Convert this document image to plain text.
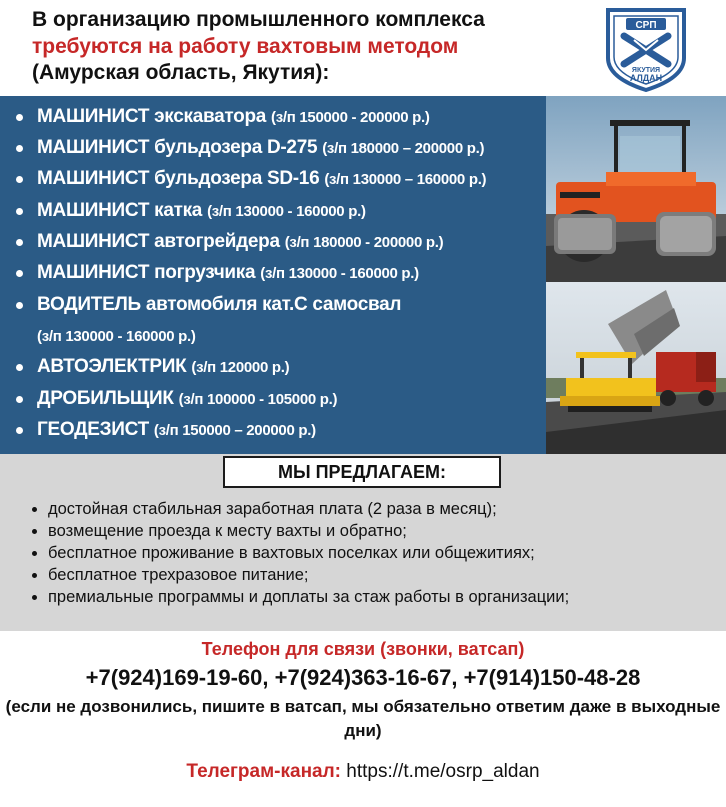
В организацию промышленного комплекса
требуются на работу вахтовым методом
(Амурская область, Якутия):
СРП
ЯКУТИЯ
АЛДАН
МАШИНИСТ экскаватора (з/п 150000 - 200000 р.)
МАШИНИСТ бульдозера D-275 (з/п 180000 – 200000 р.)
МАШИНИСТ бульдозера SD-16 (з/п 130000 – 160000 р.)
МАШИНИСТ катка (з/п 130000 - 160000 р.)
МАШИНИСТ автогрейдера (з/п 180000 - 200000 р.)
МАШИНИСТ погрузчика (з/п 130000 - 160000 р.)
ВОДИТЕЛЬ автомобиля кат.С самосвал
(з/п 130000 - 160000 р.)
АВТОЭЛЕКТРИК (з/п 120000 р.)
ДРОБИЛЬЩИК (з/п 100000 - 105000 р.)
ГЕОДЕЗИСТ (з/п 150000 – 200000 р.)
МЫ ПРЕДЛАГАЕМ:
достойная стабильная заработная плата (2 раза в месяц);
возмещение проезда к месту вахты и обратно;
бесплатное проживание в вахтовых поселках или общежитиях;
бесплатное трехразовое питание;
премиальные программы и доплаты за стаж работы в организации;
Телефон для связи (звонки, ватсап)
+7(924)169-19-60, +7(924)363-16-67, +7(914)150-48-28
(если не дозвонились, пишите в ватсап, мы обязательно ответим даже в выходные дни)
Телеграм-канал: https://t.me/osrp_aldan
